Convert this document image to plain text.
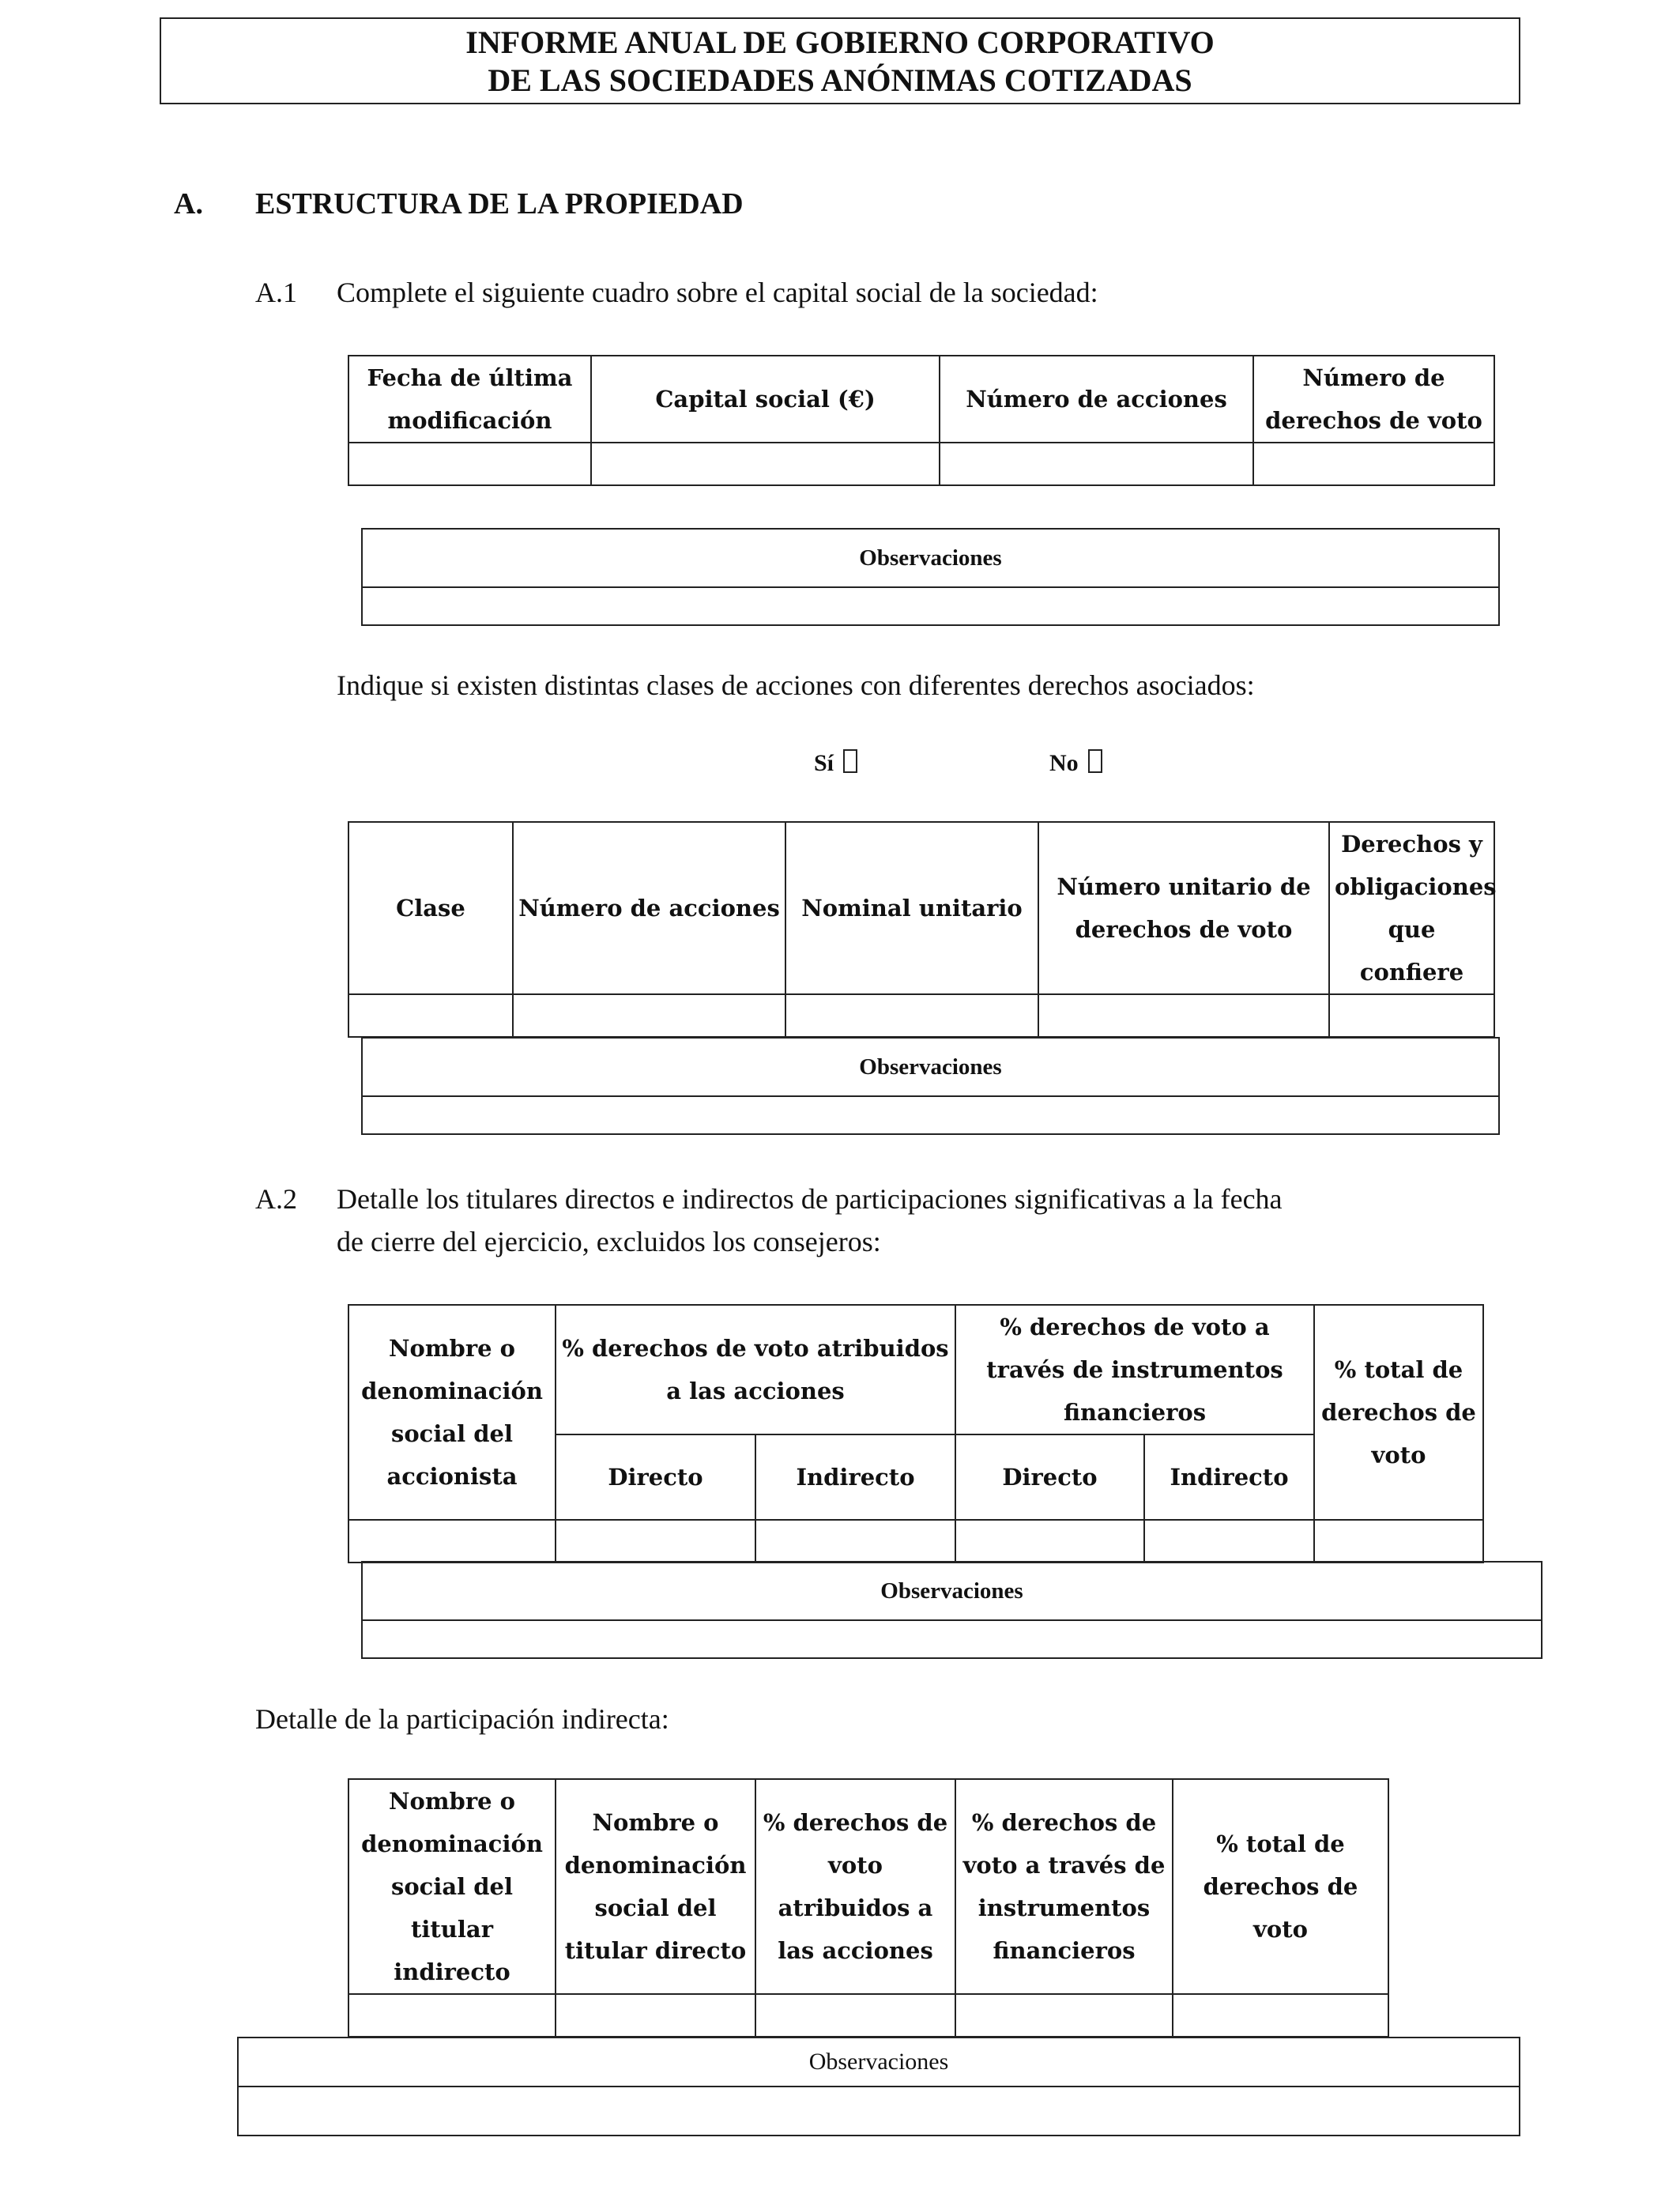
INFORME ANUAL DE GOBIERNO CORPORATIVO
DE LAS SOCIEDADES ANÓNIMAS COTIZADAS
A. ESTRUCTURA DE LA PROPIEDAD
A.1 Complete el siguiente cuadro sobre el capital social de la sociedad:
Fecha de última modificación	Capital social (€)	Número de acciones	Número de derechos de voto

Observaciones

Indique si existen distintas clases de acciones con diferentes derechos asociados:
Sí	No
Clase	Número de acciones	Nominal unitario	Número unitario de derechos de voto	Derechos y obligaciones que confiere

Observaciones

A.2 Detalle los titulares directos e indirectos de participaciones significativas a la fecha
de cierre del ejercicio, excluidos los consejeros:
Nombre o denominación social del accionista	% derechos de voto atribuidos a las acciones		% derechos de voto a través de instrumentos financieros		% total de derechos de voto
	Directo	Indirecto	Directo	Indirecto	

Observaciones

Detalle de la participación indirecta:
Nombre o denominación social del titular indirecto	Nombre o denominación social del titular directo	% derechos de voto atribuidos a las acciones	% derechos de voto a través de instrumentos financieros	% total de derechos de voto

Observaciones
